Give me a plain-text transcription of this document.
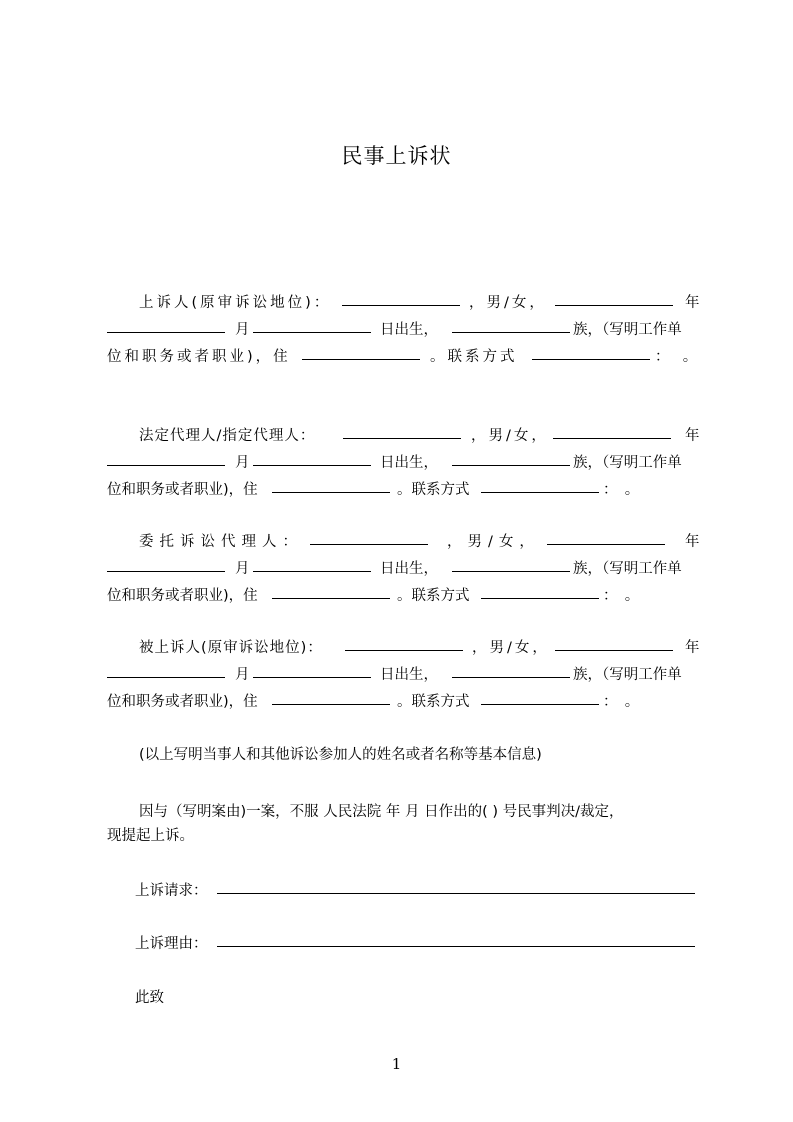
民事上诉状
上诉人(原审诉讼地位)：	，男/女，	年
月	日出生，	族，（写明工作单
位和职务或者职业)，住	。联系方式	：　。
法定代理人/指定代理人：	，男/女，	年
月	日出生，	族，（写明工作单
位和职务或者职业)，住	。联系方式	：　。
委托诉讼代理人：	，男/女，	年
月	日出生，	族，（写明工作单
位和职务或者职业)，住	。联系方式	：　。
被上诉人(原审诉讼地位)：	，男/女，	年
月	日出生，	族，（写明工作单
位和职务或者职业)，住	。联系方式	：　。
(以上写明当事人和其他诉讼参加人的姓名或者名称等基本信息)
因与（写明案由)一案，不服 人民法院 年 月 日作出的( ) 号民事判决/裁定，
现提起上诉。
上诉请求：
上诉理由：
此致
1
